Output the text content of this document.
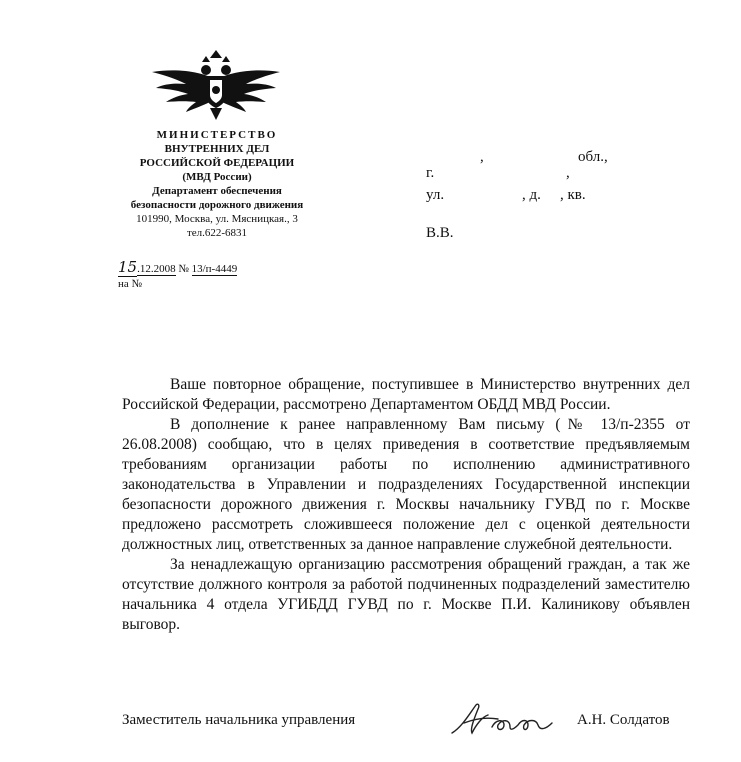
МИНИСТЕРСТВО
ВНУТРЕННИХ ДЕЛ
РОССИЙСКОЙ ФЕДЕРАЦИИ
(МВД России)
Департамент обеспечения
безопасности дорожного движения
101990, Москва, ул. Мясницкая., 3
тел.622-6831
15.12.2008 № 13/п-4449
на №
,	обл.,
г.	,
ул.	, д. , кв.
В.В.

Ваше повторное обращение, поступившее в Министерство внутренних дел Российской Федерации, рассмотрено Департаментом ОБДД МВД России.

В дополнение к ранее направленному Вам письму (№ 13/п-2355 от 26.08.2008) сообщаю, что в целях приведения в соответствие предъявляемым требованиям организации работы по исполнению административного законодательства в Управлении и подразделениях Государственной инспекции безопасности дорожного движения г. Москвы начальнику ГУВД по г. Москве предложено рассмотреть сложившееся положение дел с оценкой деятельности должностных лиц, ответственных за данное направление служебной деятельности.

За ненадлежащую организацию рассмотрения обращений граждан, а так же отсутствие должного контроля за работой подчиненных подразделений заместителю начальника 4 отдела УГИБДД ГУВД по г. Москве П.И. Калиникову объявлен выговор.

Заместитель начальника управления	А.Н. Солдатов
